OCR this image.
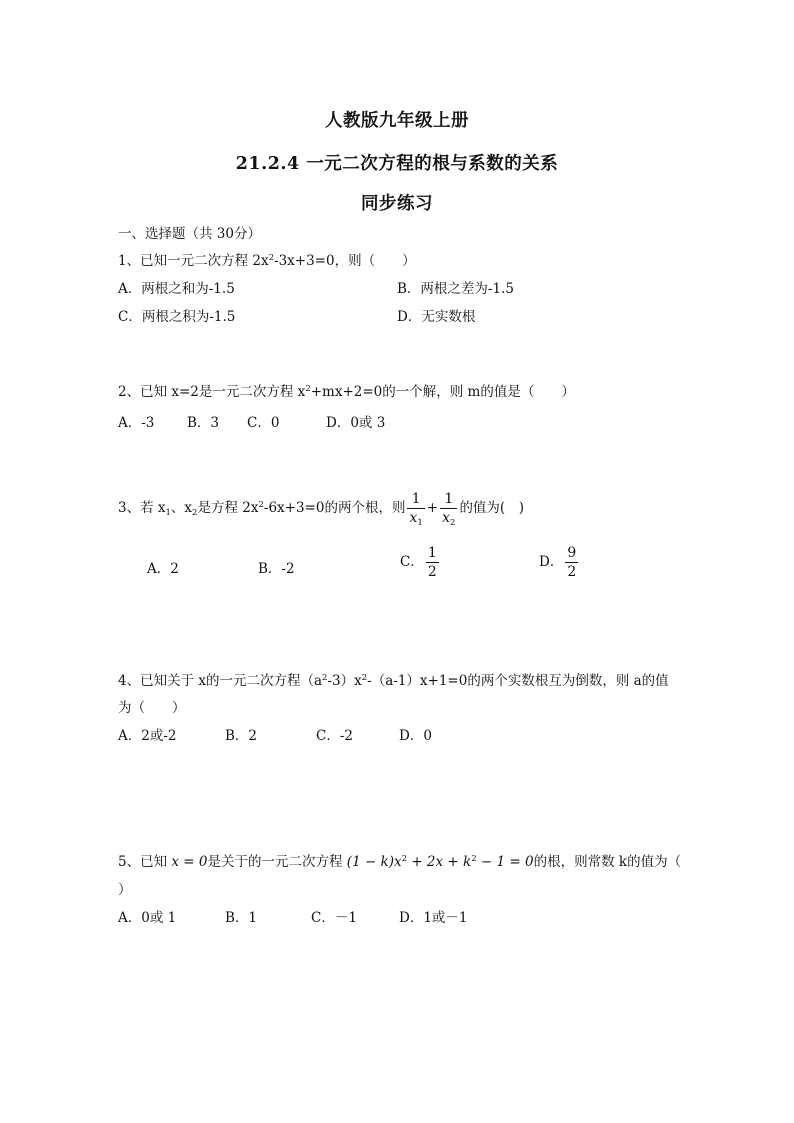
人教版九年级上册
21.2.4 一元二次方程的根与系数的关系
同步练习
一、选择题（共 30分）
1、已知一元二次方程 $2x^2-3x+3=0$，则（　　）
A．两根之和为-1.5	B．两根之差为-1.5
C．两根之积为-1.5	D．无实数根
2、已知 x=2是一元二次方程 $x^2+mx+2=0$的一个解，则 m的值是（　　）
A．-3 B．3 C．0	D．0或 3
3、若 $x_1$、$x_2$是方程 $2x^2-6x+3=0$的两个根，则 $\frac{1}{x_1} + \frac{1}{x_2}$ 的值为(　)
A．2	B．-2	C． $\frac{1}{2}$	D． $\frac{9}{2}$
4、已知关于 x的一元二次方程$(a^2-3)x^2-(a-1)x+1=0$的两个实数根互为倒数，则 a的值
为（　　）
A．2或-2	B．2	C．-2	D．0
5、已知 x = 0是关于的一元二次方程 $(1 - k)x^2 + 2x + k^2 - 1 = 0$的根，则常数 k的值为（
）
A．0或 1	B．1	C．－1	D．1或－1
